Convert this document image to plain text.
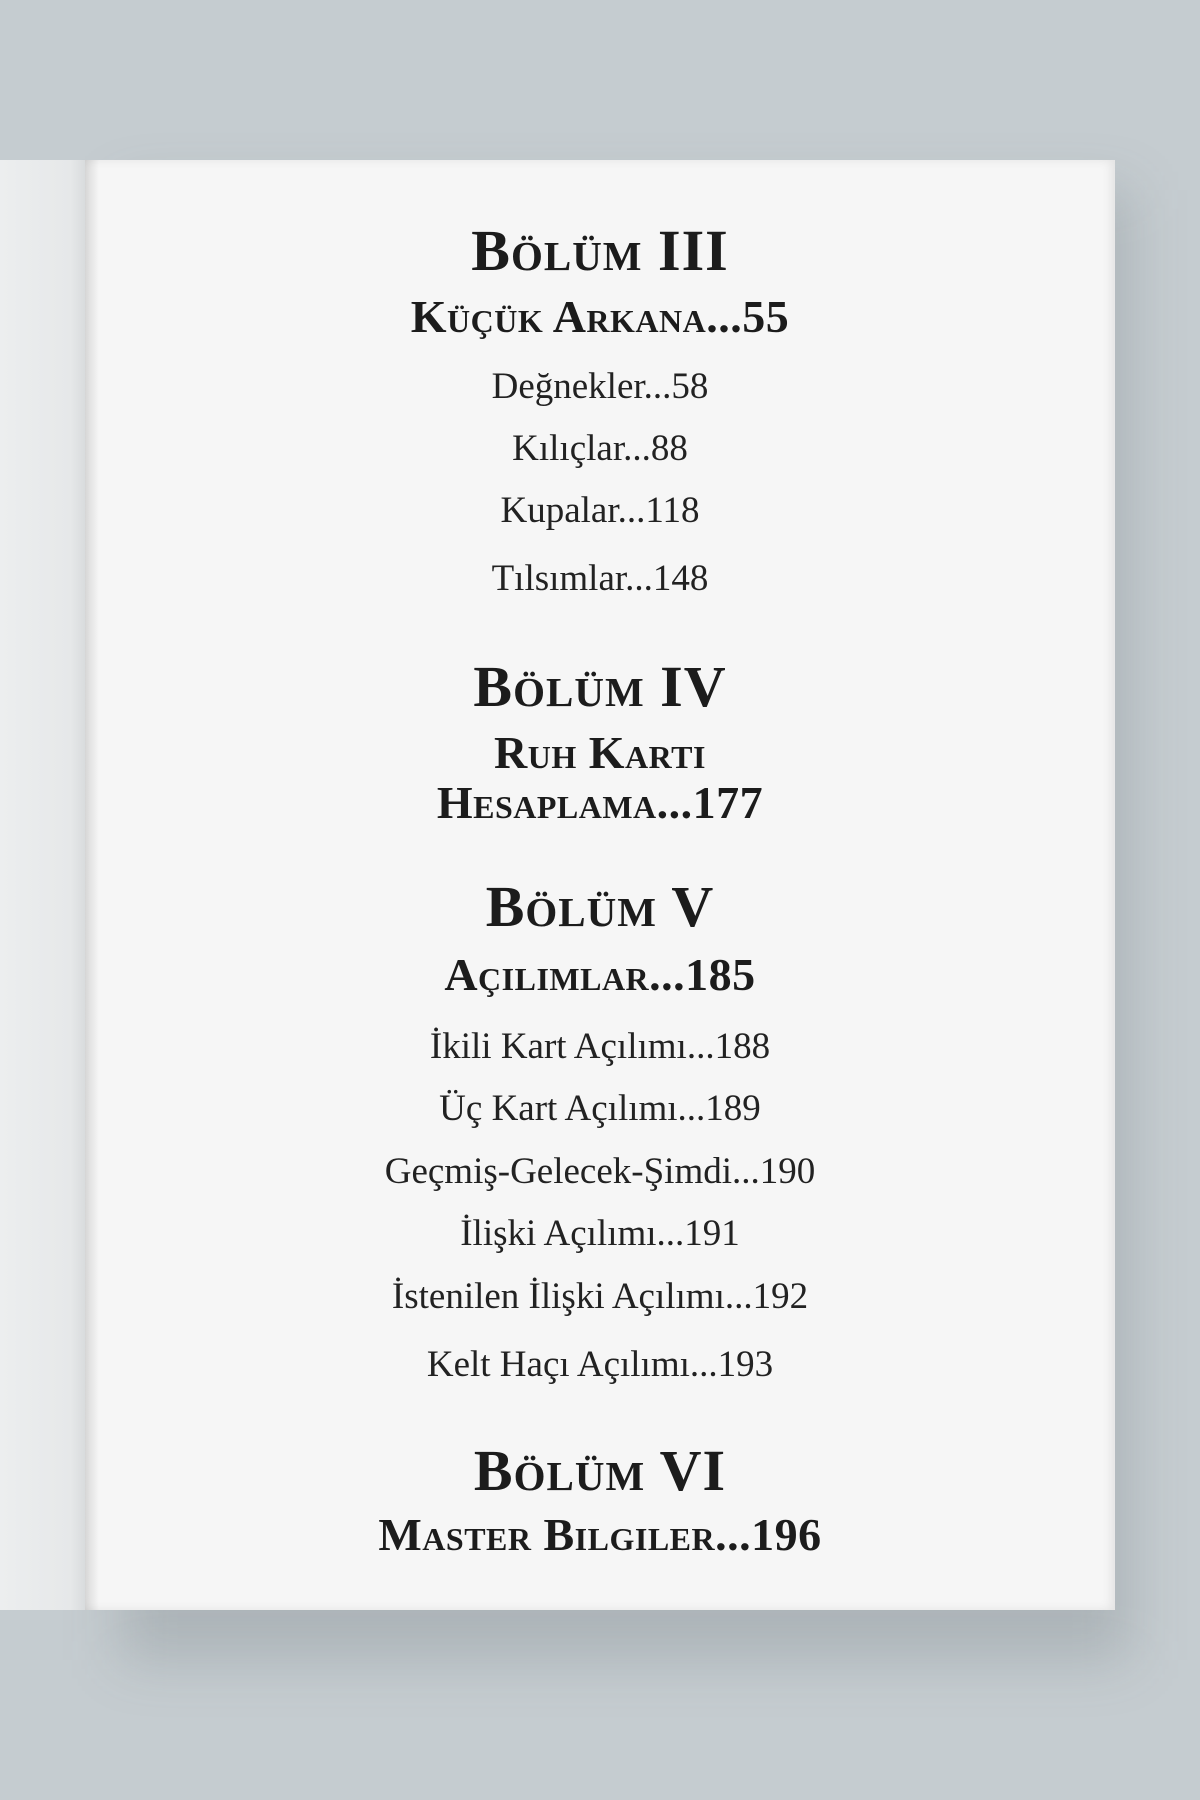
Bölüm III
Küçük Arkana...55
Değnekler...58
Kılıçlar...88
Kupalar...118
Tılsımlar...148
Bölüm IV
Ruh Kartı
Hesaplama...177
Bölüm V
Açılımlar...185
İkili Kart Açılımı...188
Üç Kart Açılımı...189
Geçmiş-Gelecek-Şimdi...190
İlişki Açılımı...191
İstenilen İlişki Açılımı...192
Kelt Haçı Açılımı...193
Bölüm VI
Master Bilgiler...196
